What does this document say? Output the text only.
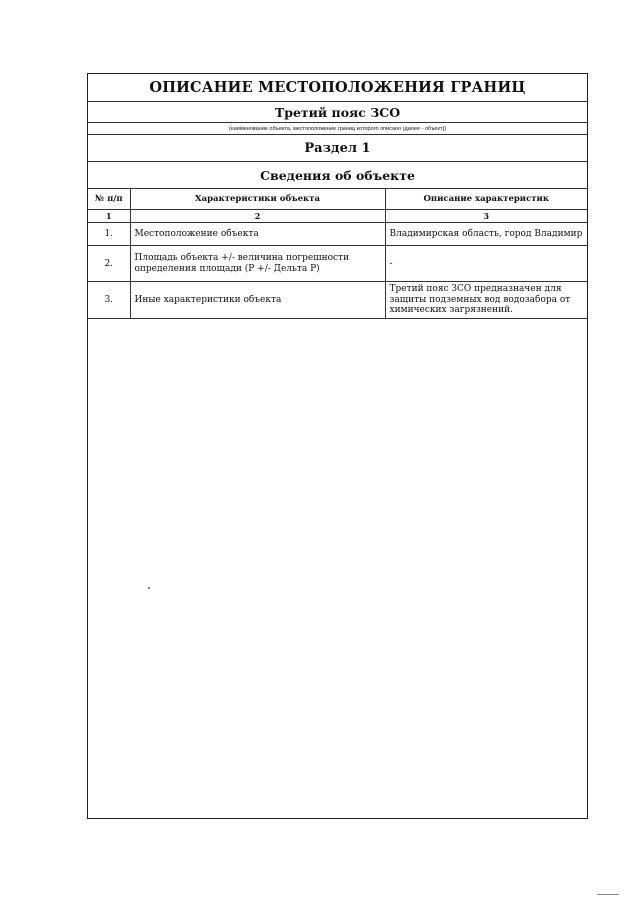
ОПИСАНИЕ МЕСТОПОЛОЖЕНИЯ ГРАНИЦ
Третий пояс ЗСО
(наименование объекта, местоположение границ которого описано (далее - объект))
Раздел 1
Сведения об объекте
№ п/п	Характеристики объекта	Описание характеристик
1	2	3
1.	Местоположение объекта	Владимирская область, город Владимир
2.	Площадь объекта +/- величина погрешности определения площади (Р +/- Дельта Р)	-
3.	Иные характеристики объекта	Третий пояс ЗСО предназначен для защиты подземных вод водозабора от химических загрязнений.
